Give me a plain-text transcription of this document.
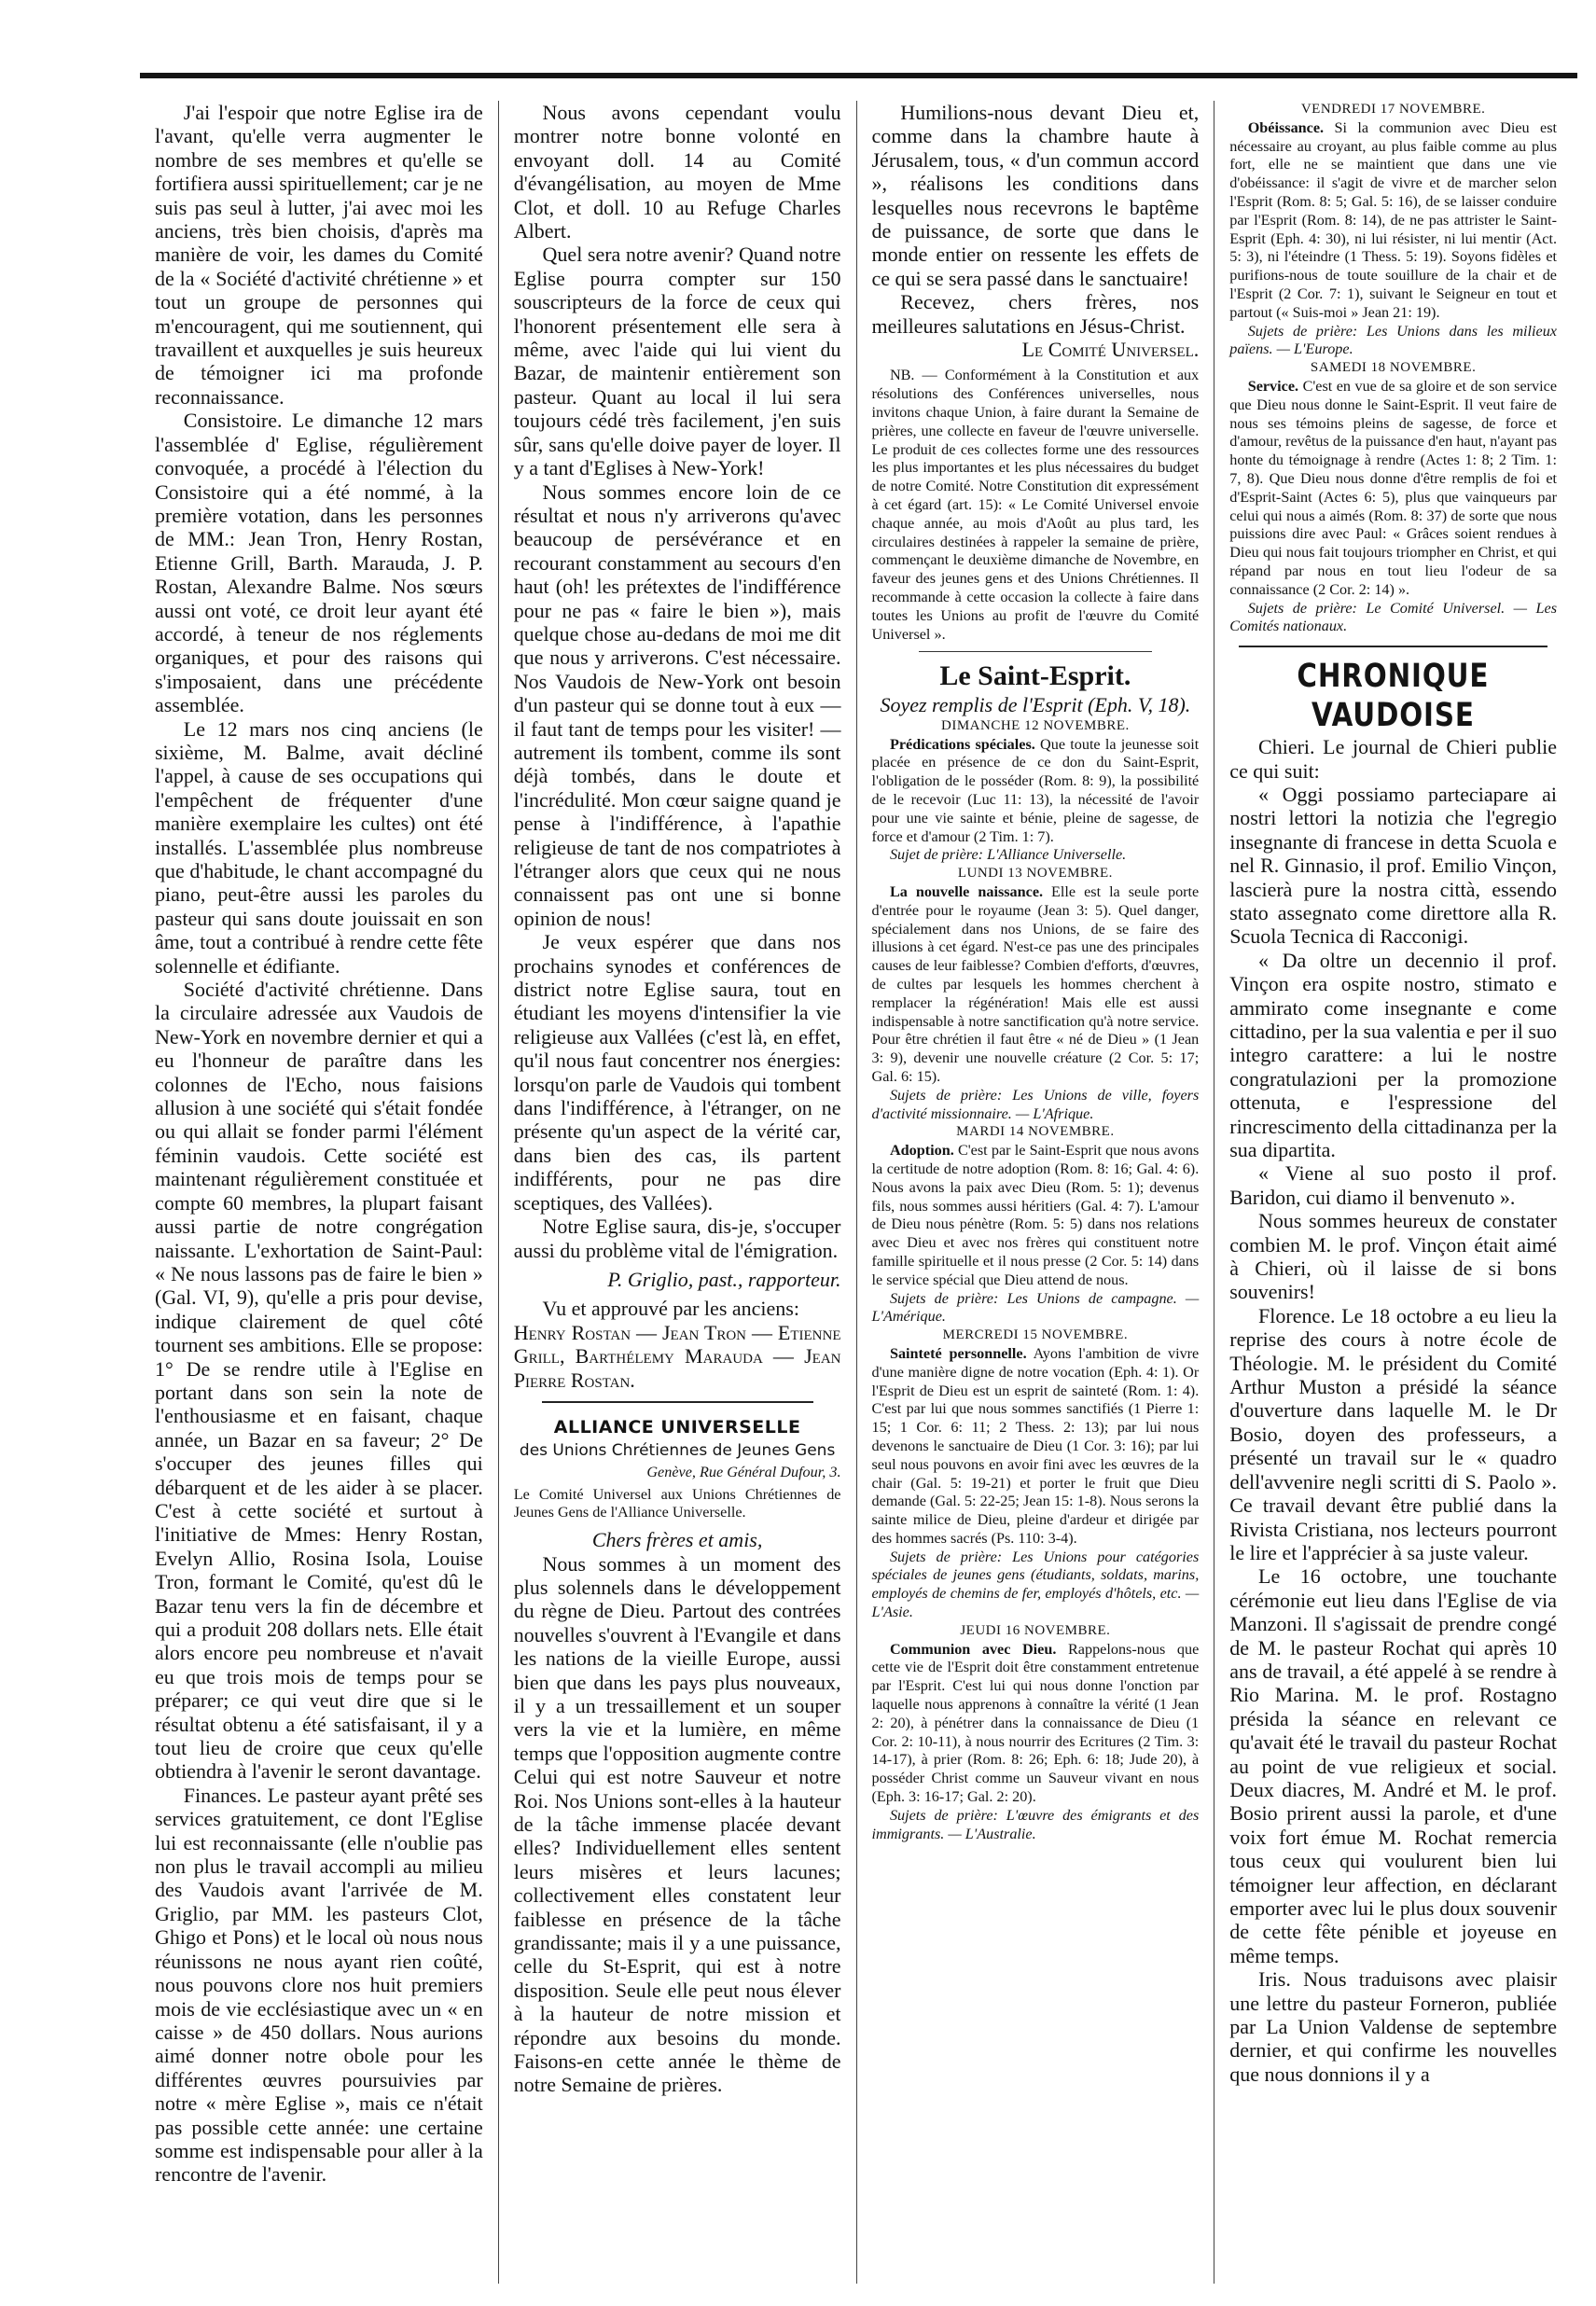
J'ai l'espoir que notre Eglise ira de l'avant, qu'elle verra augmenter le nombre de ses membres et qu'elle se fortifiera aussi spirituellement; car je ne suis pas seul à lutter, j'ai avec moi les anciens, très bien choisis, d'après ma manière de voir, les dames du Comité de la « Société d'activité chrétienne » et tout un groupe de personnes qui m'encouragent, qui me soutiennent, qui travaillent et auxquelles je suis heureux de témoigner ici ma profonde reconnaissance.

Consistoire. Le dimanche 12 mars l'assemblée d' Eglise, régulièrement convoquée, a procédé à l'élection du Consistoire qui a été nommé, à la première votation, dans les personnes de MM.: Jean Tron, Henry Rostan, Etienne Grill, Barth. Marauda, J. P. Rostan, Alexandre Balme. Nos sœurs aussi ont voté, ce droit leur ayant été accordé, à teneur de nos réglements organiques, et pour des raisons qui s'imposaient, dans une précédente assemblée.

Le 12 mars nos cinq anciens (le sixième, M. Balme, avait décliné l'appel, à cause de ses occupations qui l'empêchent de fréquenter d'une manière exemplaire les cultes) ont été installés. L'assemblée plus nombreuse que d'habitude, le chant accompagné du piano, peut-être aussi les paroles du pasteur qui sans doute jouissait en son âme, tout a contribué à rendre cette fête solennelle et édifiante.

Société d'activité chrétienne. Dans la circulaire adressée aux Vaudois de New-York en novembre dernier et qui a eu l'honneur de paraître dans les colonnes de l'Echo, nous faisions allusion à une société qui s'était fondée ou qui allait se fonder parmi l'élément féminin vaudois. Cette société est maintenant régulièrement constituée et compte 60 membres, la plupart faisant aussi partie de notre congrégation naissante. L'exhortation de Saint-Paul: « Ne nous lassons pas de faire le bien » (Gal. VI, 9), qu'elle a pris pour devise, indique clairement de quel côté tournent ses ambitions. Elle se propose: 1° De se rendre utile à l'Eglise en portant dans son sein la note de l'enthousiasme et en faisant, chaque année, un Bazar en sa faveur; 2° De s'occuper des jeunes filles qui débarquent et de les aider à se placer. C'est à cette société et surtout à l'initiative de Mmes: Henry Rostan, Evelyn Allio, Rosina Isola, Louise Tron, formant le Comité, qu'est dû le Bazar tenu vers la fin de décembre et qui a produit 208 dollars nets. Elle était alors encore peu nombreuse et n'avait eu que trois mois de temps pour se préparer; ce qui veut dire que si le résultat obtenu a été satisfaisant, il y a tout lieu de croire que ceux qu'elle obtiendra à l'avenir le seront davantage.

Finances. Le pasteur ayant prêté ses services gratuitement, ce dont l'Eglise lui est reconnaissante (elle n'oublie pas non plus le travail accompli au milieu des Vaudois avant l'arrivée de M. Griglio, par MM. les pasteurs Clot, Ghigo et Pons) et le local où nous nous réunissons ne nous ayant rien coûté, nous pouvons clore nos huit premiers mois de vie ecclésiastique avec un « en caisse » de 450 dollars. Nous aurions aimé donner notre obole pour les différentes œuvres poursuivies par notre « mère Eglise », mais ce n'était pas possible cette année: une certaine somme est indispensable pour aller à la rencontre de l'avenir.

Nous avons cependant voulu montrer notre bonne volonté en envoyant doll. 14 au Comité d'évangélisation, au moyen de Mme Clot, et doll. 10 au Refuge Charles Albert.

Quel sera notre avenir? Quand notre Eglise pourra compter sur 150 souscripteurs de la force de ceux qui l'honorent présentement elle sera à même, avec l'aide qui lui vient du Bazar, de maintenir entièrement son pasteur. Quant au local il lui sera toujours cédé très facilement, j'en suis sûr, sans qu'elle doive payer de loyer. Il y a tant d'Eglises à New-York!

Nous sommes encore loin de ce résultat et nous n'y arriverons qu'avec beaucoup de persévérance et en recourant constamment au secours d'en haut (oh! les prétextes de l'indifférence pour ne pas « faire le bien »), mais quelque chose au-dedans de moi me dit que nous y arriverons. C'est nécessaire. Nos Vaudois de New-York ont besoin d'un pasteur qui se donne tout à eux — il faut tant de temps pour les visiter! — autrement ils tombent, comme ils sont déjà tombés, dans le doute et l'incrédulité. Mon cœur saigne quand je pense à l'indifférence, à l'apathie religieuse de tant de nos compatriotes à l'étranger alors que ceux qui ne nous connaissent pas ont une si bonne opinion de nous!

Je veux espérer que dans nos prochains synodes et conférences de district notre Eglise saura, tout en étudiant les moyens d'intensifier la vie religieuse aux Vallées (c'est là, en effet, qu'il nous faut concentrer nos énergies: lorsqu'on parle de Vaudois qui tombent dans l'indifférence, à l'étranger, on ne présente qu'un aspect de la vérité car, dans bien des cas, ils partent indifférents, pour ne pas dire sceptiques, des Vallées).

Notre Eglise saura, dis-je, s'occuper aussi du problème vital de l'émigration.

P. Griglio, past., rapporteur.

Vu et approuvé par les anciens:

Henry Rostan — Jean Tron — Etienne Grill, Barthélemy Marauda — Jean Pierre Rostan.

ALLIANCE UNIVERSELLE

des Unions Chrétiennes de Jeunes Gens

Genève, Rue Général Dufour, 3.

Le Comité Universel aux Unions Chrétiennes de Jeunes Gens de l'Alliance Universelle.

Chers frères et amis,

Nous sommes à un moment des plus solennels dans le développement du règne de Dieu. Partout des contrées nouvelles s'ouvrent à l'Evangile et dans les nations de la vieille Europe, aussi bien que dans les pays plus nouveaux, il y a un tressaillement et un souper vers la vie et la lumière, en même temps que l'opposition augmente contre Celui qui est notre Sauveur et notre Roi. Nos Unions sont-elles à la hauteur de la tâche immense placée devant elles? Individuellement elles sentent leurs misères et leurs lacunes; collectivement elles constatent leur faiblesse en présence de la tâche grandissante; mais il y a une puissance, celle du St-Esprit, qui est à notre disposition. Seule elle peut nous élever à la hauteur de notre mission et répondre aux besoins du monde. Faisons-en cette année le thème de notre Semaine de prières.

Humilions-nous devant Dieu et, comme dans la chambre haute à Jérusalem, tous, « d'un commun accord », réalisons les conditions dans lesquelles nous recevrons le baptême de puissance, de sorte que dans le monde entier on ressente les effets de ce qui se sera passé dans le sanctuaire!

Recevez, chers frères, nos meilleures salutations en Jésus-Christ.

Le Comité Universel.

NB. — Conformément à la Constitution et aux résolutions des Conférences universelles, nous invitons chaque Union, à faire durant la Semaine de prières, une collecte en faveur de l'œuvre universelle. Le produit de ces collectes forme une des ressources les plus importantes et les plus nécessaires du budget de notre Comité. Notre Constitution dit expressément à cet égard (art. 15): « Le Comité Universel envoie chaque année, au mois d'Août au plus tard, les circulaires destinées à rappeler la semaine de prière, commençant le deuxième dimanche de Novembre, en faveur des jeunes gens et des Unions Chrétiennes. Il recommande à cette occasion la collecte à faire dans toutes les Unions au profit de l'œuvre du Comité Universel ».

Le Saint-Esprit.

Soyez remplis de l'Esprit (Eph. V, 18).

DIMANCHE 12 NOVEMBRE.

Prédications spéciales. Que toute la jeunesse soit placée en présence de ce don du Saint-Esprit, l'obligation de le posséder (Rom. 8: 9), la possibilité de le recevoir (Luc 11: 13), la nécessité de l'avoir pour une vie sainte et bénie, pleine de sagesse, de force et d'amour (2 Tim. 1: 7).

Sujet de prière: L'Alliance Universelle.

LUNDI 13 NOVEMBRE.

La nouvelle naissance. Elle est la seule porte d'entrée pour le royaume (Jean 3: 5). Quel danger, spécialement dans nos Unions, de se faire des illusions à cet égard. N'est-ce pas une des principales causes de leur faiblesse? Combien d'efforts, d'œuvres, de cultes par lesquels les hommes cherchent à remplacer la régénération! Mais elle est aussi indispensable à notre sanctification qu'à notre service. Pour être chrétien il faut être « né de Dieu » (1 Jean 3: 9), devenir une nouvelle créature (2 Cor. 5: 17; Gal. 6: 15).

Sujets de prière: Les Unions de ville, foyers d'activité missionnaire. — L'Afrique.

MARDI 14 NOVEMBRE.

Adoption. C'est par le Saint-Esprit que nous avons la certitude de notre adoption (Rom. 8: 16; Gal. 4: 6). Nous avons la paix avec Dieu (Rom. 5: 1); devenus fils, nous sommes aussi héritiers (Gal. 4: 7). L'amour de Dieu nous pénètre (Rom. 5: 5) dans nos relations avec Dieu et avec nos frères qui constituent notre famille spirituelle et il nous presse (2 Cor. 5: 14) dans le service spécial que Dieu attend de nous.

Sujets de prière: Les Unions de campagne. — L'Amérique.

MERCREDI 15 NOVEMBRE.

Sainteté personnelle. Ayons l'ambition de vivre d'une manière digne de notre vocation (Eph. 4: 1). Or l'Esprit de Dieu est un esprit de sainteté (Rom. 1: 4). C'est par lui que nous sommes sanctifiés (1 Pierre 1: 15; 1 Cor. 6: 11; 2 Thess. 2: 13); par lui nous devenons le sanctuaire de Dieu (1 Cor. 3: 16); par lui seul nous pouvons en avoir fini avec les œuvres de la chair (Gal. 5: 19-21) et porter le fruit que Dieu demande (Gal. 5: 22-25; Jean 15: 1-8). Nous serons la sainte milice de Dieu, pleine d'ardeur et dirigée par des hommes sacrés (Ps. 110: 3-4).

Sujets de prière: Les Unions pour catégories spéciales de jeunes gens (étudiants, soldats, marins, employés de chemins de fer, employés d'hôtels, etc. — L'Asie.

JEUDI 16 NOVEMBRE.

Communion avec Dieu. Rappelons-nous que cette vie de l'Esprit doit être constamment entretenue par l'Esprit. C'est lui qui nous donne l'onction par laquelle nous apprenons à connaître la vérité (1 Jean 2: 20), à pénétrer dans la connaissance de Dieu (1 Cor. 2: 10-11), à nous nourrir des Ecritures (2 Tim. 3: 14-17), à prier (Rom. 8: 26; Eph. 6: 18; Jude 20), à posséder Christ comme un Sauveur vivant en nous (Eph. 3: 16-17; Gal. 2: 20).

Sujets de prière: L'œuvre des émigrants et des immigrants. — L'Australie.

VENDREDI 17 NOVEMBRE.

Obéissance. Si la communion avec Dieu est nécessaire au croyant, au plus faible comme au plus fort, elle ne se maintient que dans une vie d'obéissance: il s'agit de vivre et de marcher selon l'Esprit (Rom. 8: 5; Gal. 5: 16), de se laisser conduire par l'Esprit (Rom. 8: 14), de ne pas attrister le Saint-Esprit (Eph. 4: 30), ni lui résister, ni lui mentir (Act. 5: 3), ni l'éteindre (1 Thess. 5: 19). Soyons fidèles et purifions-nous de toute souillure de la chair et de l'Esprit (2 Cor. 7: 1), suivant le Seigneur en tout et partout (« Suis-moi » Jean 21: 19).

Sujets de prière: Les Unions dans les milieux païens. — L'Europe.

SAMEDI 18 NOVEMBRE.

Service. C'est en vue de sa gloire et de son service que Dieu nous donne le Saint-Esprit. Il veut faire de nous ses témoins pleins de sagesse, de force et d'amour, revêtus de la puissance d'en haut, n'ayant pas honte du témoignage à rendre (Actes 1: 8; 2 Tim. 1: 7, 8). Que Dieu nous donne d'être remplis de foi et d'Esprit-Saint (Actes 6: 5), plus que vainqueurs par celui qui nous a aimés (Rom. 8: 37) de sorte que nous puissions dire avec Paul: « Grâces soient rendues à Dieu qui nous fait toujours triompher en Christ, et qui répand par nous en tout lieu l'odeur de sa connaissance (2 Cor. 2: 14) ».

Sujets de prière: Le Comité Universel. — Les Comités nationaux.

CHRONIQUE VAUDOISE

Chieri. Le journal de Chieri publie ce qui suit:

« Oggi possiamo parteciapare ai nostri lettori la notizia che l'egregio insegnante di francese in detta Scuola e nel R. Ginnasio, il prof. Emilio Vinçon, lascierà pure la nostra città, essendo stato assegnato come direttore alla R. Scuola Tecnica di Racconigi.

« Da oltre un decennio il prof. Vinçon era ospite nostro, stimato e ammirato come insegnante e come cittadino, per la sua valentia e per il suo integro carattere: a lui le nostre congratulazioni per la promozione ottenuta, e l'espressione del rincrescimento della cittadinanza per la sua dipartita.

« Viene al suo posto il prof. Baridon, cui diamo il benvenuto ».

Nous sommes heureux de constater combien M. le prof. Vinçon était aimé à Chieri, où il laisse de si bons souvenirs!

Florence. Le 18 octobre a eu lieu la reprise des cours à notre école de Théologie. M. le président du Comité Arthur Muston a présidé la séance d'ouverture dans laquelle M. le Dr Bosio, doyen des professeurs, a présenté un travail sur le « quadro dell'avvenire negli scritti di S. Paolo ». Ce travail devant être publié dans la Rivista Cristiana, nos lecteurs pourront le lire et l'apprécier à sa juste valeur.

Le 16 octobre, une touchante cérémonie eut lieu dans l'Eglise de via Manzoni. Il s'agissait de prendre congé de M. le pasteur Rochat qui après 10 ans de travail, a été appelé à se rendre à Rio Marina. M. le prof. Rostagno présida la séance en relevant ce qu'avait été le travail du pasteur Rochat au point de vue religieux et social. Deux diacres, M. André et M. le prof. Bosio prirent aussi la parole, et d'une voix fort émue M. Rochat remercia tous ceux qui voulurent bien lui témoigner leur affection, en déclarant emporter avec lui le plus doux souvenir de cette fête pénible et joyeuse en même temps.

Iris. Nous traduisons avec plaisir une lettre du pasteur Forneron, publiée par La Union Valdense de septembre dernier, et qui confirme les nouvelles que nous donnions il y a
